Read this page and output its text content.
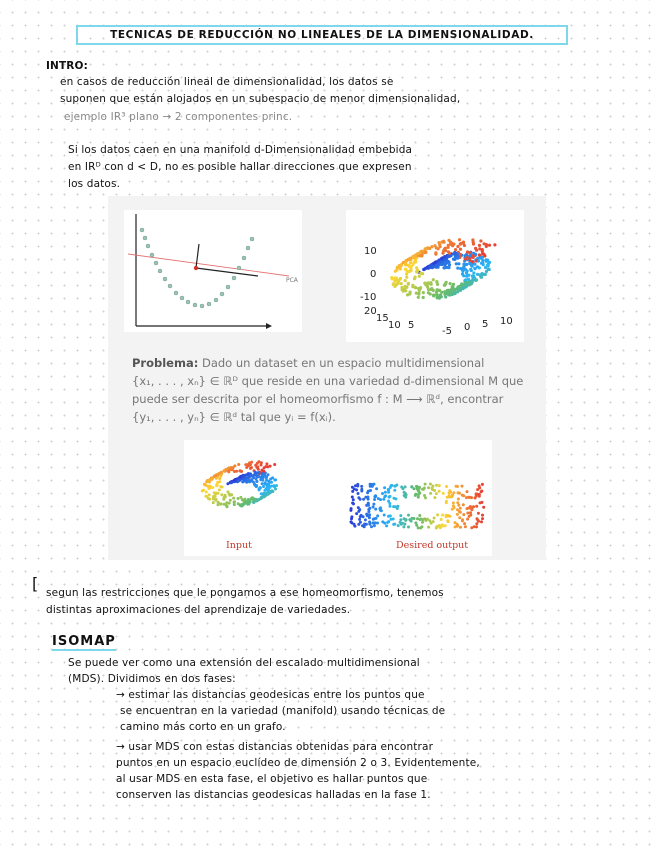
TECNICAS DE REDUCCIÓN NO LINEALES DE LA DIMENSIONALIDAD.
INTRO:
en casos de reducción lineal de dimensionalidad, los datos se
suponen que están alojados en un subespacio de menor dimensionalidad,
ejemplo IR³ plano → 2 componentes princ.
Si los datos caen en una manifold d-Dimensionalidad embebida
en IRᴰ con d < D, no es posible hallar direcciones que expresen
los datos.
PCA
10
0
-10
20
15
10 5
-5 0 5 10
Problema: Dado un dataset en un espacio multidimensional
{x₁, . . . , xₙ} ∈ ℝᴰ que reside en una variedad d-dimensional M que
puede ser descrita por el homeomorfismo f : M ⟶ ℝᵈ, encontrar
{y₁, . . . , yₙ} ∈ ℝᵈ tal que yᵢ = f(xᵢ).
Input	Desired output
[ segun las restricciones que le pongamos a ese homeomorfismo, tenemos
distintas aproximaciones del aprendizaje de variedades.
ISOMAP
Se puede ver como una extensión del escalado multidimensional
(MDS). Dividimos en dos fases:
→ estimar las distancias geodesicas entre los puntos que
se encuentran en la variedad (manifold) usando técnicas de
camino más corto en un grafo.
→ usar MDS con estas distancias obtenidas para encontrar
puntos en un espacio euclídeo de dimensión 2 o 3. Evidentemente,
al usar MDS en esta fase, el objetivo es hallar puntos que
conserven las distancias geodesicas halladas en la fase 1.
